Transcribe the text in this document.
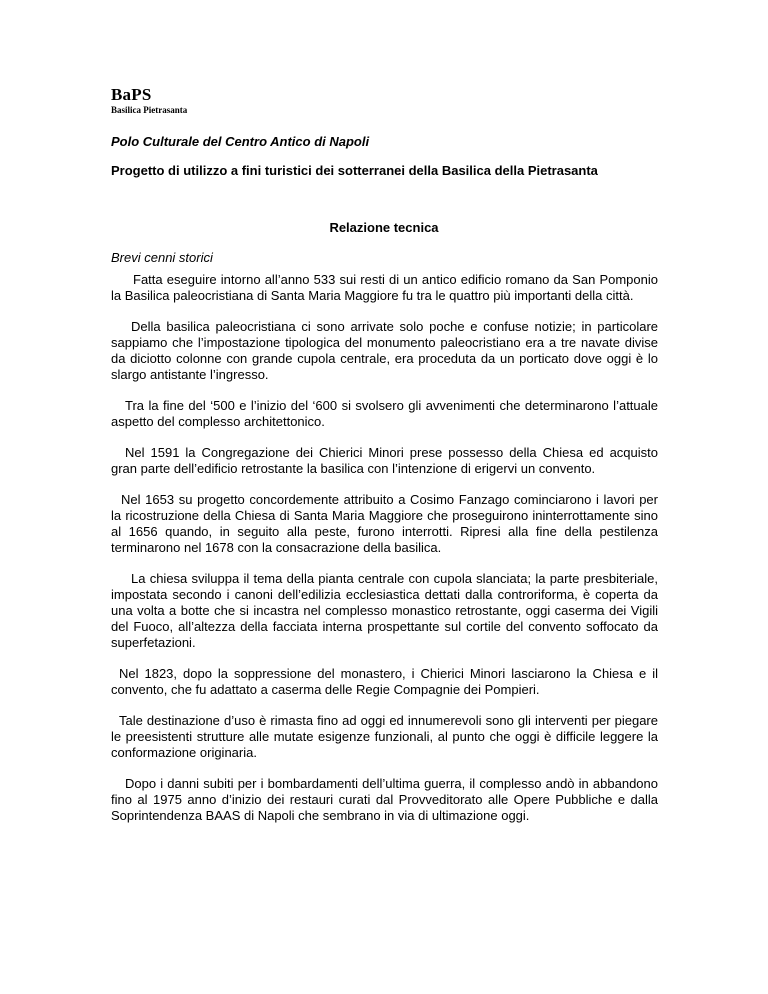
BaPS

Basilica Pietrasanta

Polo Culturale del Centro Antico di Napoli

Progetto di utilizzo a fini turistici dei sotterranei della Basilica della Pietrasanta

Relazione tecnica

Brevi cenni storici

Fatta eseguire intorno all’anno 533 sui resti di un antico edificio romano da San Pomponio la Basilica paleocristiana di Santa Maria Maggiore fu tra le quattro più importanti della città.

Della basilica paleocristiana ci sono arrivate solo poche e confuse notizie; in particolare sappiamo che l’impostazione tipologica del monumento paleocristiano era a tre navate divise da diciotto colonne con grande cupola centrale, era proceduta da un porticato dove oggi è lo slargo antistante l’ingresso.

Tra la fine del ‘500 e l’inizio del ‘600 si svolsero gli avvenimenti che determinarono l’attuale aspetto del complesso architettonico.

Nel 1591 la Congregazione dei Chierici Minori prese possesso della Chiesa ed acquisto gran parte dell’edificio retrostante la basilica con l’intenzione di erigervi un convento.

Nel 1653 su progetto concordemente attribuito a Cosimo Fanzago cominciarono i lavori per la ricostruzione della Chiesa di Santa Maria Maggiore che proseguirono ininterrottamente sino al 1656 quando, in seguito alla peste, furono interrotti. Ripresi alla fine della pestilenza terminarono nel 1678 con la consacrazione della basilica.

La chiesa sviluppa il tema della pianta centrale con cupola slanciata; la parte presbiteriale, impostata secondo i canoni dell’edilizia ecclesiastica dettati dalla controriforma, è coperta da una volta a botte che si incastra nel complesso monastico retrostante, oggi caserma dei Vigili del Fuoco, all’altezza della facciata interna prospettante sul cortile del convento soffocato da superfetazioni.

Nel 1823, dopo la soppressione del monastero, i Chierici Minori lasciarono la Chiesa e il convento, che fu adattato a caserma delle Regie Compagnie dei Pompieri.

Tale destinazione d’uso è rimasta fino ad oggi ed innumerevoli sono gli interventi per piegare le preesistenti strutture alle mutate esigenze funzionali, al punto che oggi è difficile leggere la conformazione originaria.

Dopo i danni subiti per i bombardamenti dell’ultima guerra, il complesso andò in abbandono fino al 1975 anno d’inizio dei restauri curati dal Provveditorato alle Opere Pubbliche e dalla Soprintendenza BAAS di Napoli che sembrano in via di ultimazione oggi.
